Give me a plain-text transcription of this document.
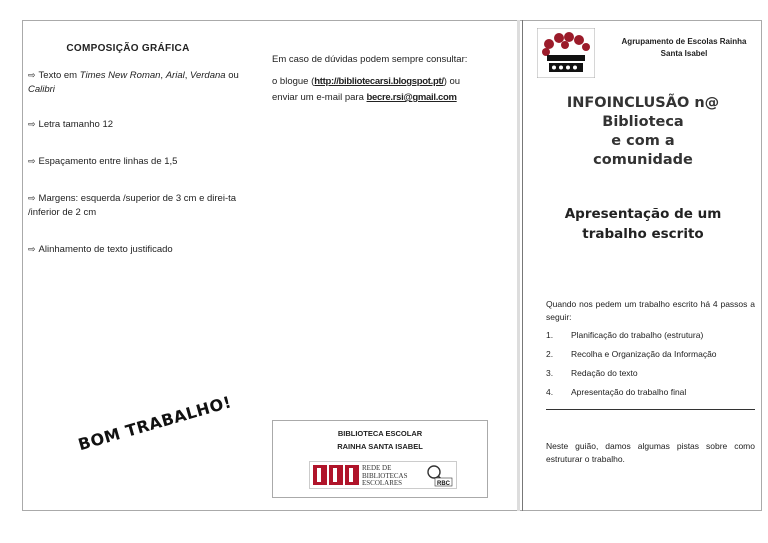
COMPOSIÇÃO GRÁFICA
⇨ Texto em Times New Roman, Arial, Verdana ou Calibri
⇨ Letra tamanho 12
⇨ Espaçamento entre linhas de 1,5
⇨ Margens: esquerda /superior de 3 cm e direi-ta /inferior de 2 cm
⇨ Alinhamento de texto justificado
BOM TRABALHO!
Em caso de dúvidas podem sempre consultar:
o blogue (http://bibliotecarsi.blogspot.pt/) ou
enviar um e-mail para becre.rsi@gmail.com
BIBLIOTECA ESCOLAR
RAINHA SANTA ISABEL
REDE DE
BIBLIOTECAS
ESCOLARES	RBC
Agrupamento de Escolas Rainha
Santa Isabel
INFOINCLUSÃO n@ Biblioteca
e com a
comunidade
Apresentação de um
trabalho escrito
Quando nos pedem um trabalho escrito há 4 passos a seguir:
1.	Planificação do trabalho (estrutura)
2.	Recolha e Organização da Informação
3.	Redação do texto
4.	Apresentação do trabalho final
Neste guião, damos algumas pistas sobre como estruturar o trabalho.
